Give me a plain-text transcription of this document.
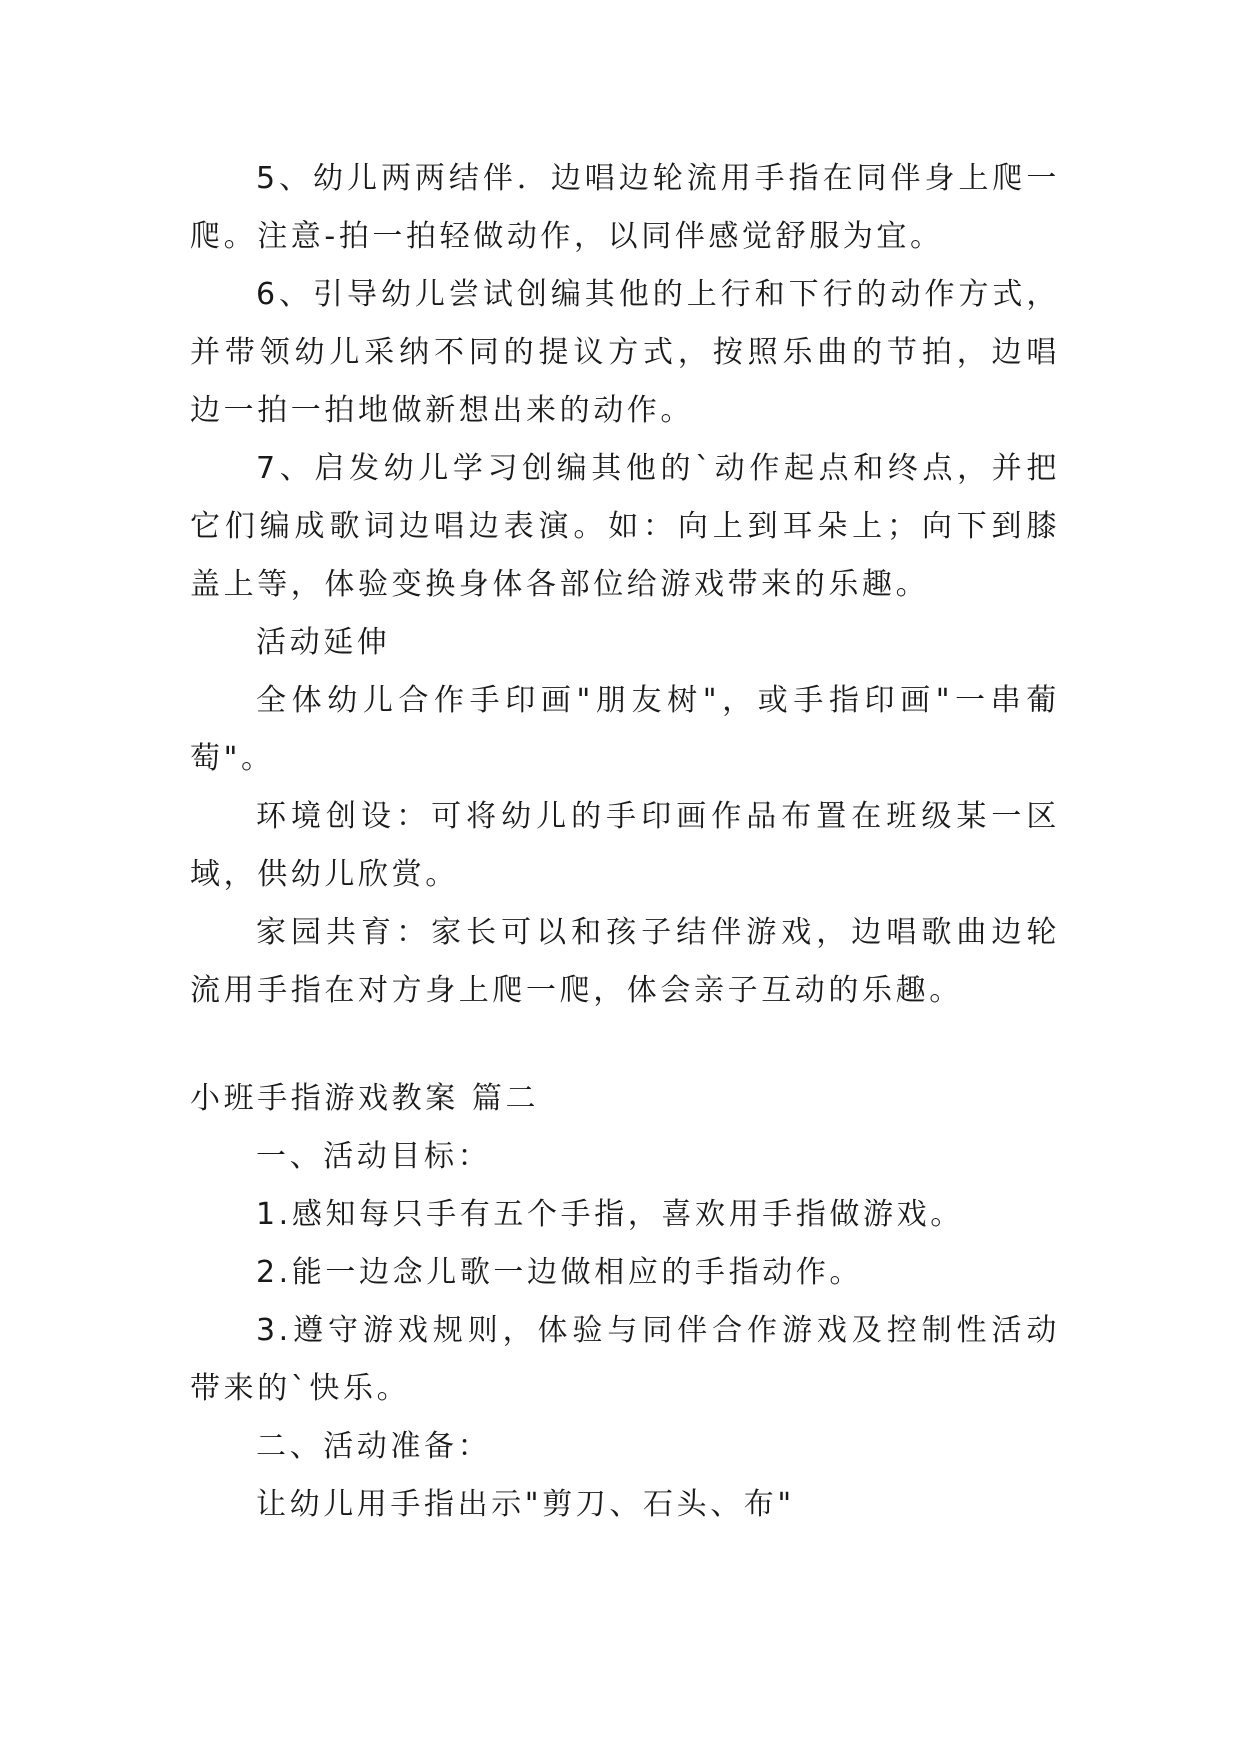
5、幼儿两两结伴．边唱边轮流用手指在同伴身上爬一爬。注意-拍一拍轻做动作，以同伴感觉舒服为宜。

6、引导幼儿尝试创编其他的上行和下行的动作方式，并带领幼儿采纳不同的提议方式，按照乐曲的节拍，边唱边一拍一拍地做新想出来的动作。

7、启发幼儿学习创编其他的`动作起点和终点，并把它们编成歌词边唱边表演。如：向上到耳朵上；向下到膝盖上等，体验变换身体各部位给游戏带来的乐趣。

活动延伸

全体幼儿合作手印画"朋友树"，或手指印画"一串葡萄"。

环境创设：可将幼儿的手印画作品布置在班级某一区域，供幼儿欣赏。

家园共育：家长可以和孩子结伴游戏，边唱歌曲边轮流用手指在对方身上爬一爬，体会亲子互动的乐趣。

小班手指游戏教案 篇二

一、活动目标：

1.感知每只手有五个手指，喜欢用手指做游戏。

2.能一边念儿歌一边做相应的手指动作。

3.遵守游戏规则，体验与同伴合作游戏及控制性活动带来的`快乐。

二、活动准备：

让幼儿用手指出示"剪刀、石头、布"
